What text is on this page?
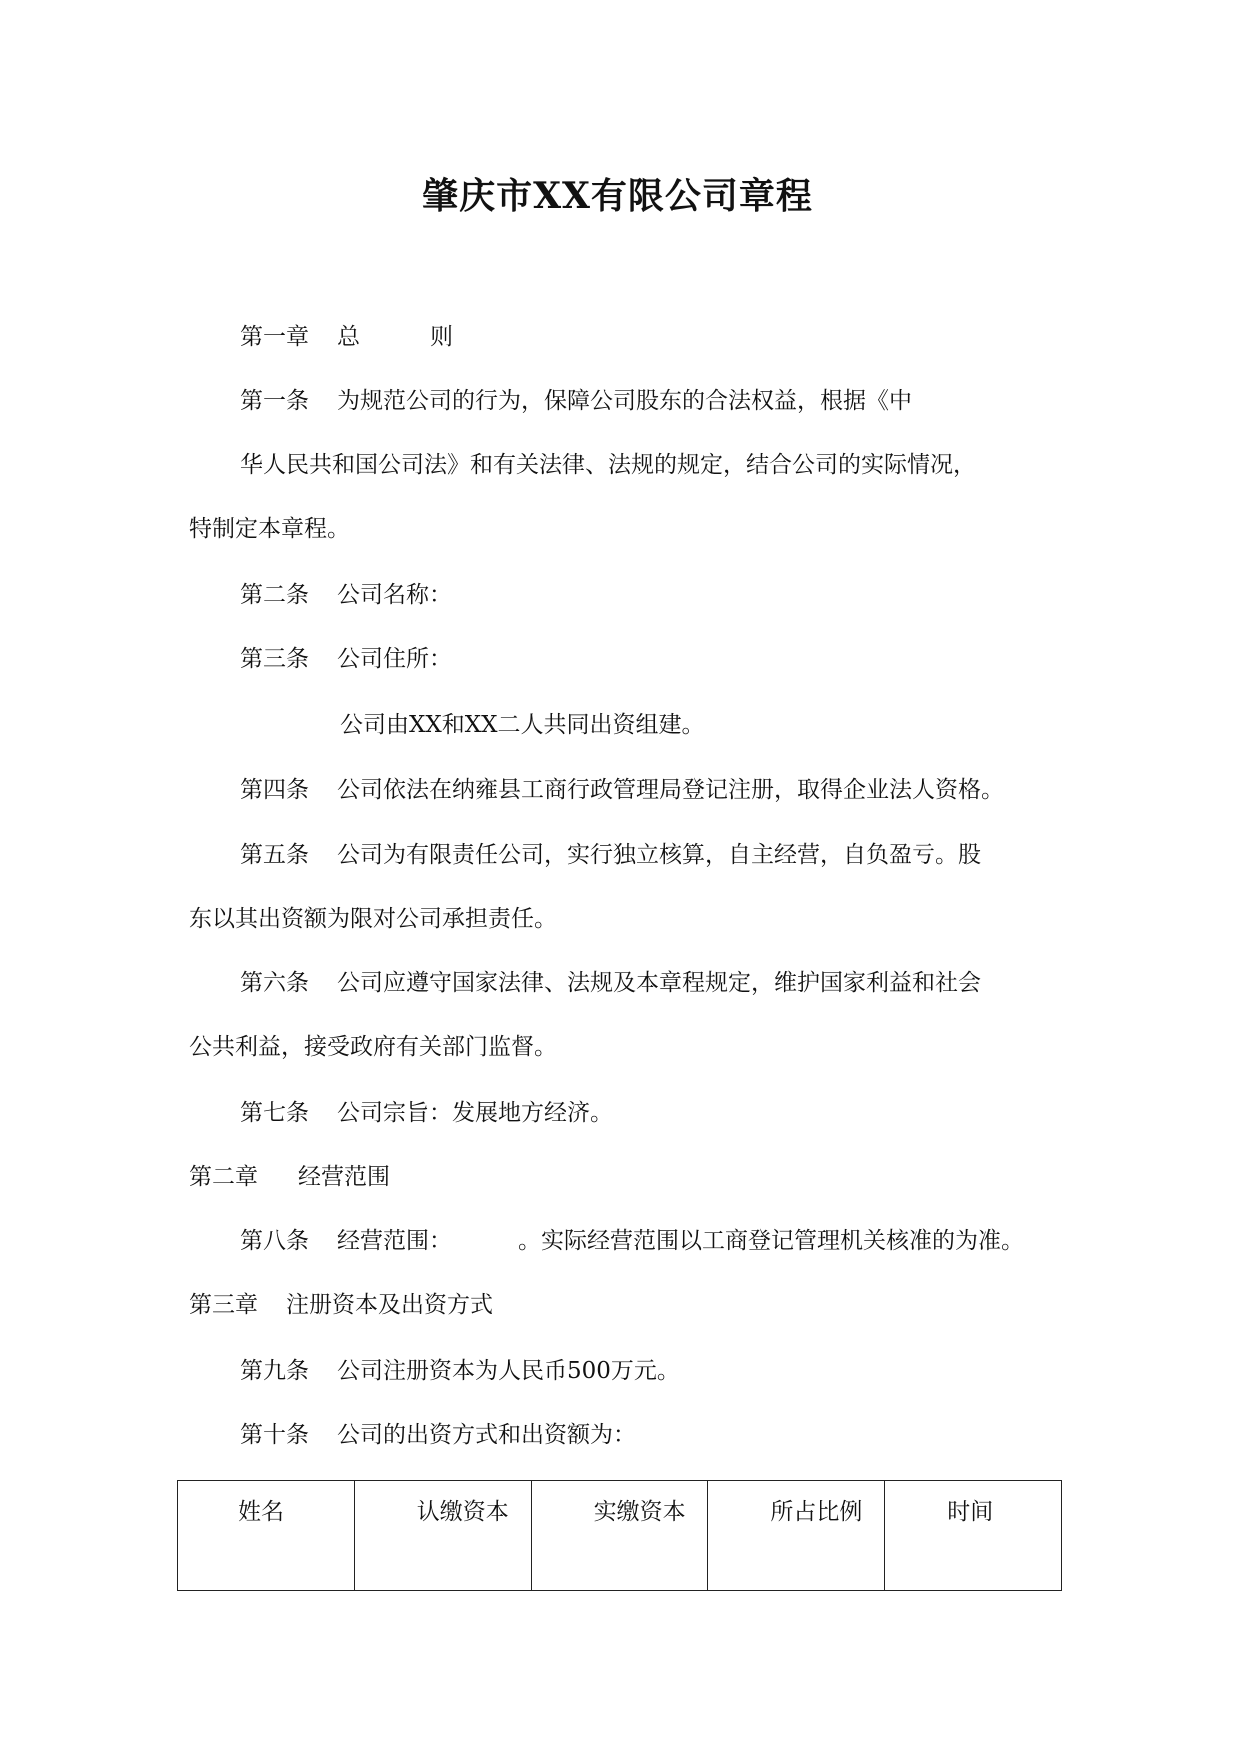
肇庆市XX有限公司章程
第一章 总	则
第一条 为规范公司的行为，保障公司股东的合法权益，根据《中
华人民共和国公司法》和有关法律、法规的规定，结合公司的实际情况，
特制定本章程。
第二条 公司名称：
第三条 公司住所：
公司由XX和XX二人共同出资组建。
第四条 公司依法在纳雍县工商行政管理局登记注册，取得企业法人资格。
第五条 公司为有限责任公司，实行独立核算，自主经营，自负盈亏。股
东以其出资额为限对公司承担责任。
第六条 公司应遵守国家法律、法规及本章程规定，维护国家利益和社会
公共利益，接受政府有关部门监督。
第七条 公司宗旨：发展地方经济。
第二章 经营范围
第八条 经营范围：	。实际经营范围以工商登记管理机关核准的为准。
第三章 注册资本及出资方式
第九条 公司注册资本为人民币500万元。
第十条 公司的出资方式和出资额为：
姓名	认缴资本	实缴资本	所占比例	时间
